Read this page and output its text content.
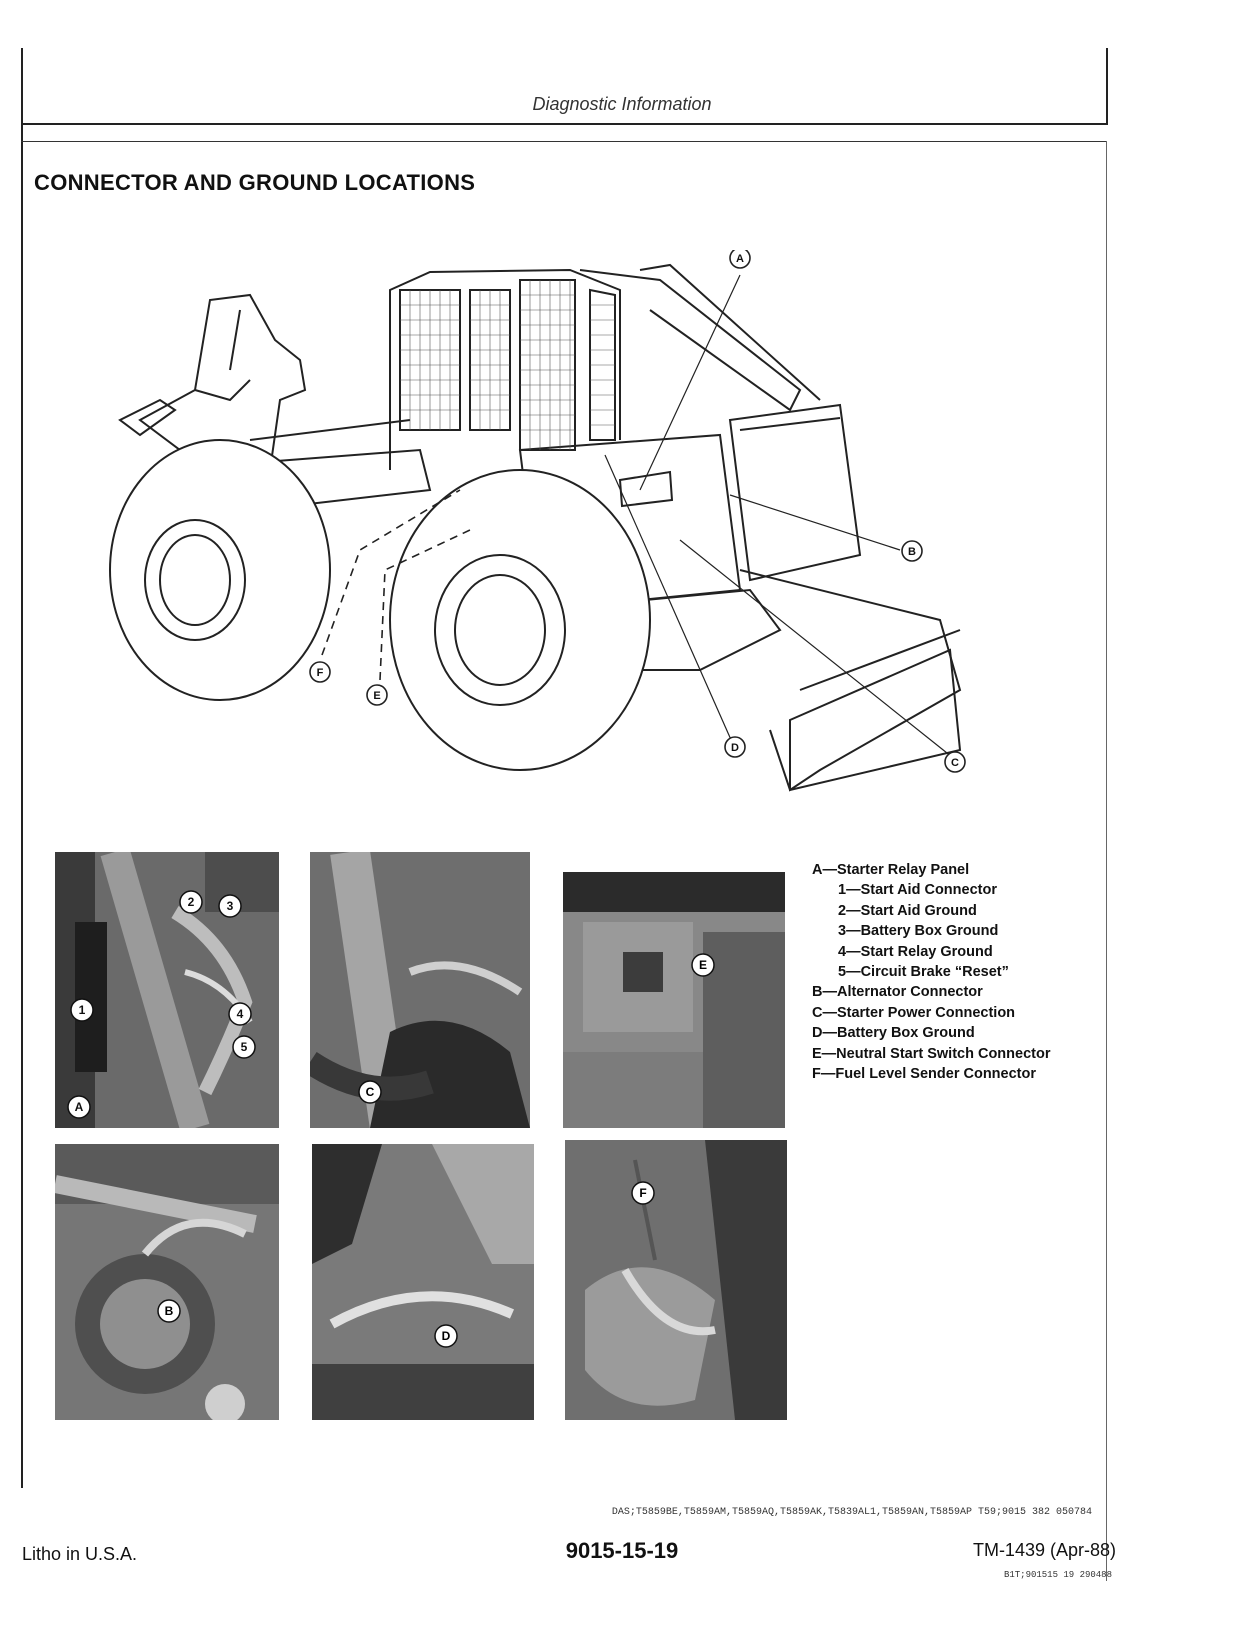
Diagnostic Information
CONNECTOR AND GROUND LOCATIONS
A
B
C
D
E
F
1
2	3
4
5
A
C
E
B
D
F
A—Starter Relay Panel
1—Start Aid Connector
2—Start Aid Ground
3—Battery Box Ground
4—Start Relay Ground
5—Circuit Brake “Reset”
B—Alternator Connector
C—Starter Power Connection
D—Battery Box Ground
E—Neutral Start Switch Connector
F—Fuel Level Sender Connector
DAS;T5859BE,T5859AM,T5859AQ,T5859AK,T5839AL1,T5859AN,T5859AP T59;9015 382 050784
Litho in U.S.A.	9015-15-19	TM-1439 (Apr-88)
B1T;901515 19 290488
